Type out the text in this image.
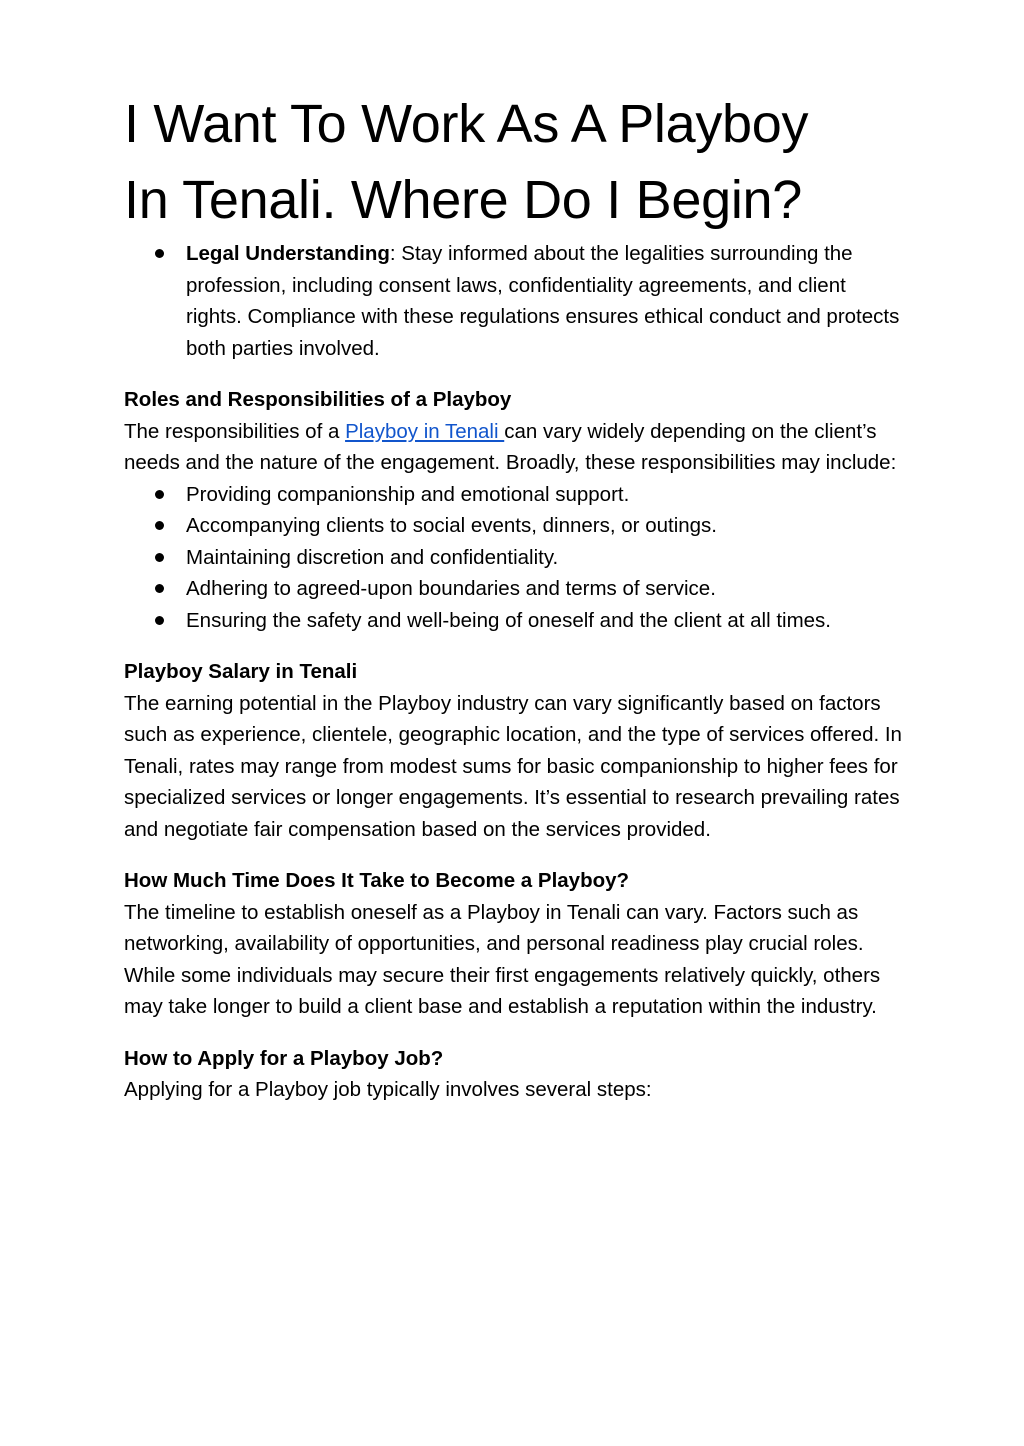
I Want To Work As A Playboy
In Tenali. Where Do I Begin?
Legal Understanding: Stay informed about the legalities surrounding the profession, including consent laws, confidentiality agreements, and client rights. Compliance with these regulations ensures ethical conduct and protects both parties involved.
Roles and Responsibilities of a Playboy

The responsibilities of a Playboy in Tenali can vary widely depending on the client’s needs and the nature of the engagement. Broadly, these responsibilities may include:

Providing companionship and emotional support.
Accompanying clients to social events, dinners, or outings.
Maintaining discretion and confidentiality.
Adhering to agreed-upon boundaries and terms of service.
Ensuring the safety and well-being of oneself and the client at all times.
Playboy Salary in Tenali

The earning potential in the Playboy industry can vary significantly based on factors such as experience, clientele, geographic location, and the type of services offered. In Tenali, rates may range from modest sums for basic companionship to higher fees for specialized services or longer engagements. It’s essential to research prevailing rates and negotiate fair compensation based on the services provided.

How Much Time Does It Take to Become a Playboy?

The timeline to establish oneself as a Playboy in Tenali can vary. Factors such as networking, availability of opportunities, and personal readiness play crucial roles. While some individuals may secure their first engagements relatively quickly, others may take longer to build a client base and establish a reputation within the industry.

How to Apply for a Playboy Job?

Applying for a Playboy job typically involves several steps:
